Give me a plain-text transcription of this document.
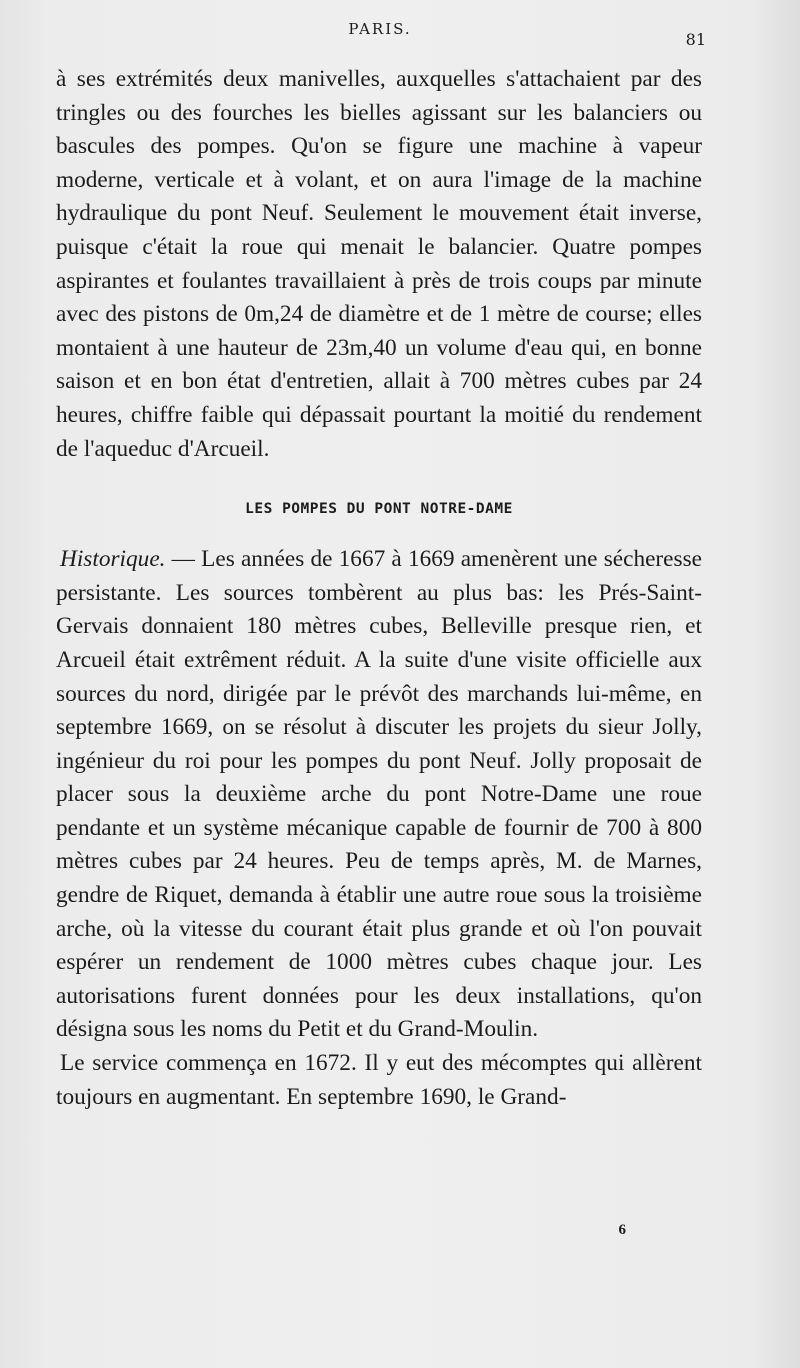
PARIS.
81

à ses extrémités deux manivelles, auxquelles s'attachaient par des tringles ou des fourches les bielles agissant sur les balanciers ou bascules des pompes. Qu'on se figure une machine à vapeur moderne, verticale et à volant, et on aura l'image de la machine hydraulique du pont Neuf. Seulement le mouvement était inverse, puisque c'était la roue qui menait le balancier. Quatre pompes aspirantes et foulantes travaillaient à près de trois coups par minute avec des pistons de 0m,24 de diamètre et de 1 mètre de course; elles montaient à une hauteur de 23m,40 un volume d'eau qui, en bonne saison et en bon état d'entretien, allait à 700 mètres cubes par 24 heures, chiffre faible qui dépassait pourtant la moitié du rendement de l'aqueduc d'Arcueil.

LES POMPES DU PONT NOTRE-DAME

Historique. — Les années de 1667 à 1669 amenèrent une sécheresse persistante. Les sources tombèrent au plus bas: les Prés-Saint-Gervais donnaient 180 mètres cubes, Belleville presque rien, et Arcueil était extrêment réduit. A la suite d'une visite officielle aux sources du nord, dirigée par le prévôt des marchands lui-même, en septembre 1669, on se résolut à discuter les projets du sieur Jolly, ingénieur du roi pour les pompes du pont Neuf. Jolly proposait de placer sous la deuxième arche du pont Notre-Dame une roue pendante et un système mécanique capable de fournir de 700 à 800 mètres cubes par 24 heures. Peu de temps après, M. de Marnes, gendre de Riquet, demanda à établir une autre roue sous la troisième arche, où la vitesse du courant était plus grande et où l'on pouvait espérer un rendement de 1000 mètres cubes chaque jour. Les autorisations furent données pour les deux installations, qu'on désigna sous les noms du Petit et du Grand-Moulin.

Le service commença en 1672. Il y eut des mécomptes qui allèrent toujours en augmentant. En septembre 1690, le Grand-

6
